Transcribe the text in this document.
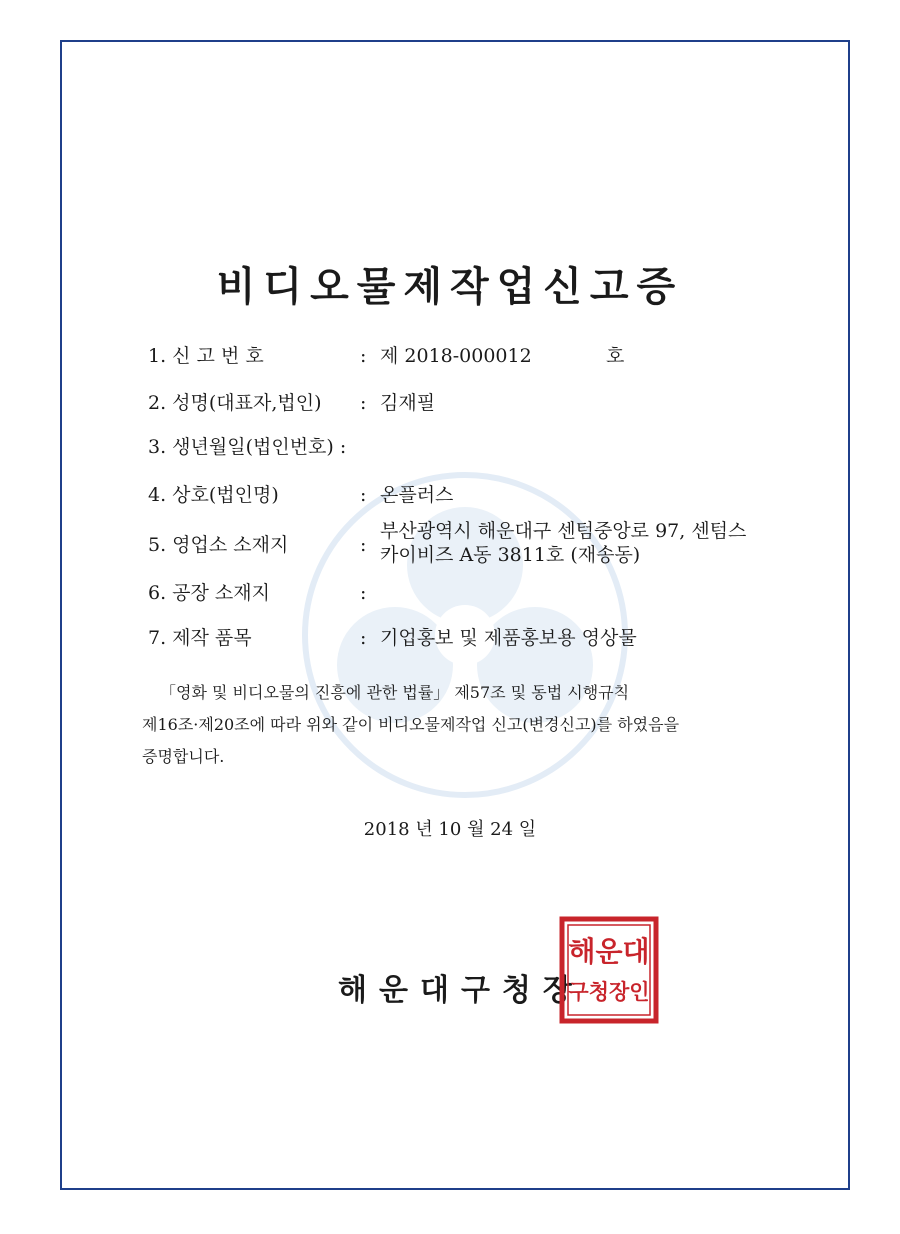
비디오물제작업신고증
1. 신 고 번 호	: 제 2018-000012	호
2. 성명(대표자,법인) : 김재필
3. 생년월일(법인번호) :
4. 상호(법인명)	: 온플러스
5. 영업소 소재지	:
부산광역시 해운대구 센텀중앙로 97, 센텀스
카이비즈 A동 3811호 (재송동)
6. 공장 소재지	:
7. 제작 품목	: 기업홍보 및 제품홍보용 영상물
「영화 및 비디오물의 진흥에 관한 법률」 제57조 및 동법 시행규칙
제16조·제20조에 따라 위와 같이 비디오물제작업 신고(변경신고)를 하였음을
증명합니다.
2018 년 10 월 24 일
해운대구청장
해운대
구청장인
